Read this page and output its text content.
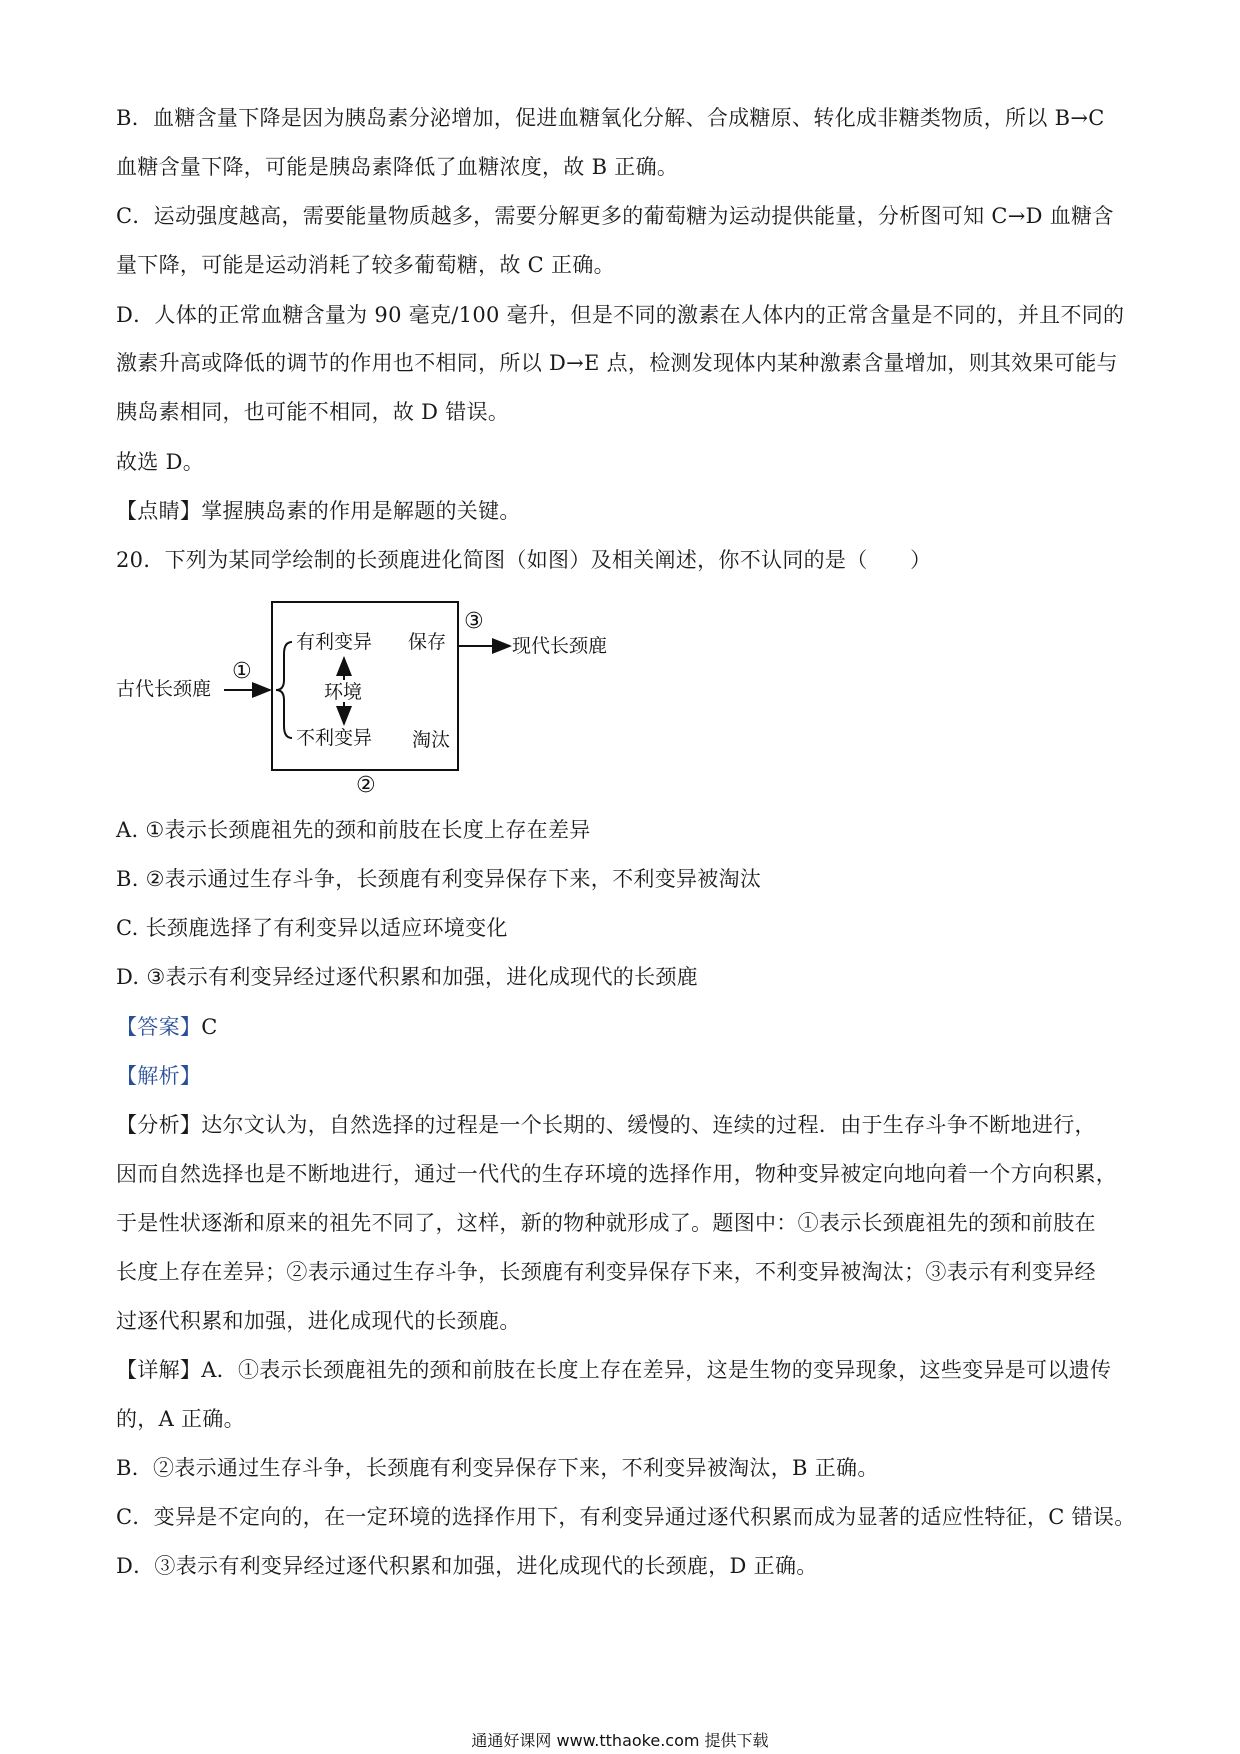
B．血糖含量下降是因为胰岛素分泌增加，促进血糖氧化分解、合成糖原、转化成非糖类物质，所以 B→C
血糖含量下降，可能是胰岛素降低了血糖浓度，故 B 正确。
C．运动强度越高，需要能量物质越多，需要分解更多的葡萄糖为运动提供能量，分析图可知 C→D 血糖含
量下降，可能是运动消耗了较多葡萄糖，故 C 正确。
D．人体的正常血糖含量为 90 毫克/100 毫升，但是不同的激素在人体内的正常含量是不同的，并且不同的
激素升高或降低的调节的作用也不相同，所以 D→E 点，检测发现体内某种激素含量增加，则其效果可能与
胰岛素相同，也可能不相同，故 D 错误。
故选 D。
【点睛】掌握胰岛素的作用是解题的关键。
20．下列为某同学绘制的长颈鹿进化简图（如图）及相关阐述，你不认同的是（　　）
古代长颈鹿
①
有利变异 保存
环境
不利变异 淘汰
②
③
现代长颈鹿
A. ①表示长颈鹿祖先的颈和前肢在长度上存在差异
B. ②表示通过生存斗争，长颈鹿有利变异保存下来，不利变异被淘汰
C. 长颈鹿选择了有利变异以适应环境变化
D. ③表示有利变异经过逐代积累和加强，进化成现代的长颈鹿
【答案】C
【解析】
【分析】达尔文认为，自然选择的过程是一个长期的、缓慢的、连续的过程．由于生存斗争不断地进行，
因而自然选择也是不断地进行，通过一代代的生存环境的选择作用，物种变异被定向地向着一个方向积累，
于是性状逐渐和原来的祖先不同了，这样，新的物种就形成了。题图中：①表示长颈鹿祖先的颈和前肢在
长度上存在差异；②表示通过生存斗争，长颈鹿有利变异保存下来，不利变异被淘汰；③表示有利变异经
过逐代积累和加强，进化成现代的长颈鹿。
【详解】A．①表示长颈鹿祖先的颈和前肢在长度上存在差异，这是生物的变异现象，这些变异是可以遗传
的，A 正确。
B．②表示通过生存斗争，长颈鹿有利变异保存下来，不利变异被淘汰，B 正确。
C．变异是不定向的，在一定环境的选择作用下，有利变异通过逐代积累而成为显著的适应性特征，C 错误。
D．③表示有利变异经过逐代积累和加强，进化成现代的长颈鹿，D 正确。
通通好课网 www.tthaoke.com 提供下载
